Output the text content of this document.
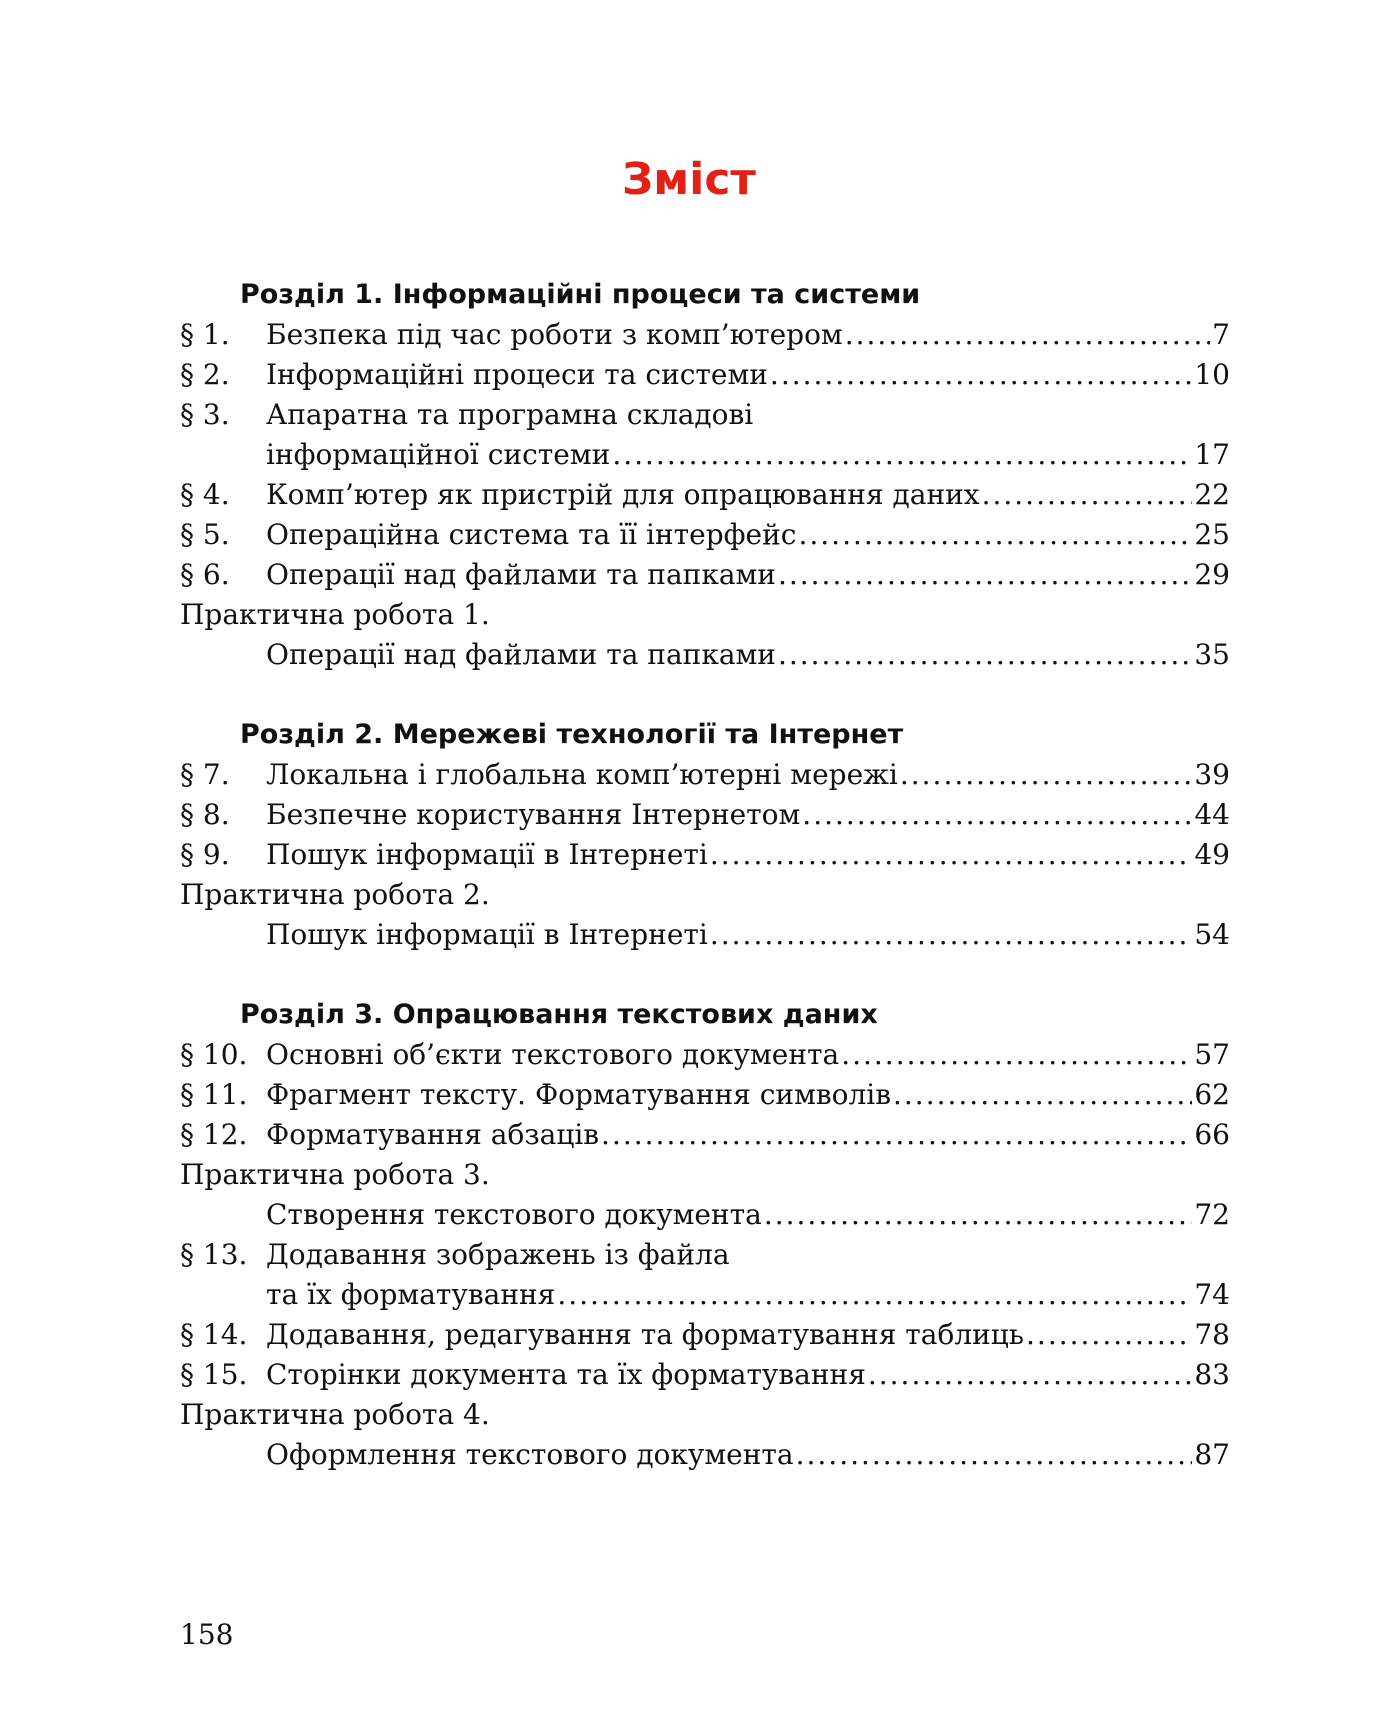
Зміст
Розділ 1. Інформаційні процеси та системи
§ 1.	Безпека під час роботи з комп’ютером .....	7
§ 2.	Інформаційні процеси та системи .....	10
§ 3.	Апаратна та програмна складові
інформаційної системи .....	17
§ 4.	Комп’ютер як пристрій для опрацювання даних .....	22
§ 5.	Операційна система та її інтерфейс .....	25
§ 6.	Операції над файлами та папками .....	29
Практична робота 1.
Операції над файлами та папками .....	35
Розділ 2. Мережеві технології та Інтернет
§ 7.	Локальна і глобальна комп’ютерні мережі .....	39
§ 8.	Безпечне користування Інтернетом .....	44
§ 9.	Пошук інформації в Інтернеті .....	49
Практична робота 2.
Пошук інформації в Інтернеті .....	54
Розділ 3. Опрацювання текстових даних
§ 10. Основні об’єкти текстового документа .....	57
§ 11. Фрагмент тексту. Форматування символів .....	62
§ 12. Форматування абзаців .....	66
Практична робота 3.
Створення текстового документа .....	72
§ 13. Додавання зображень із файла
та їх форматування .....	74
§ 14. Додавання, редагування та форматування таблиць .....	78
§ 15. Сторінки документа та їх форматування .....	83
Практична робота 4.
Оформлення текстового документа .....	87
158
